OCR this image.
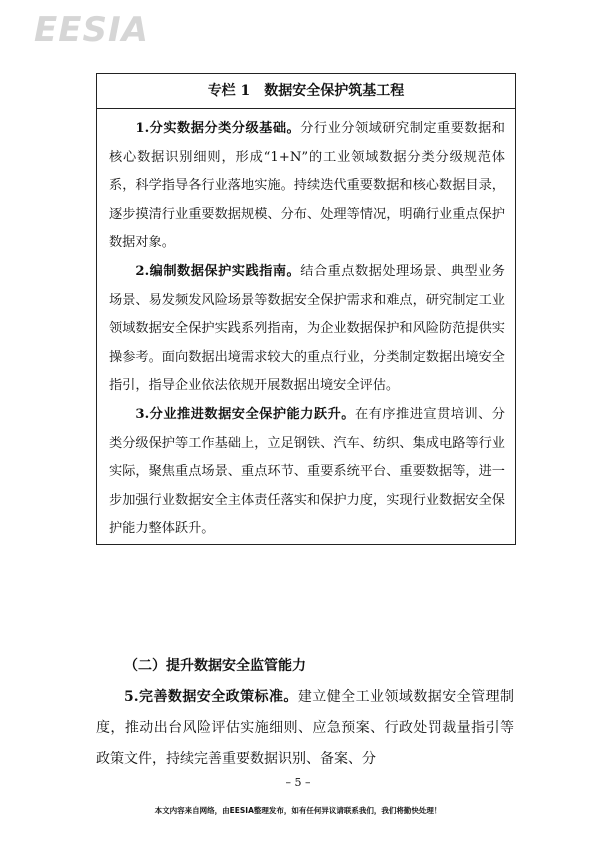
EESIA
专栏 1　数据安全保护筑基工程

1.分实数据分类分级基础。分行业分领域研究制定重要数据和核心数据识别细则，形成“1+N”的工业领域数据分类分级规范体系，科学指导各行业落地实施。持续迭代重要数据和核心数据目录，逐步摸清行业重要数据规模、分布、处理等情况，明确行业重点保护数据对象。

2.编制数据保护实践指南。结合重点数据处理场景、典型业务场景、易发频发风险场景等数据安全保护需求和难点，研究制定工业领域数据安全保护实践系列指南，为企业数据保护和风险防范提供实操参考。面向数据出境需求较大的重点行业，分类制定数据出境安全指引，指导企业依法依规开展数据出境安全评估。

3.分业推进数据安全保护能力跃升。在有序推进宣贯培训、分类分级保护等工作基础上，立足钢铁、汽车、纺织、集成电路等行业实际，聚焦重点场景、重点环节、重要系统平台、重要数据等，进一步加强行业数据安全主体责任落实和保护力度，实现行业数据安全保护能力整体跃升。

（二）提升数据安全监管能力

5.完善数据安全政策标准。建立健全工业领域数据安全管理制度，推动出台风险评估实施细则、应急预案、行政处罚裁量指引等政策文件，持续完善重要数据识别、备案、分

– 5 –
本文内容来自网络，由EESIA整理发布，如有任何异议请联系我们，我们将勤快处理！
